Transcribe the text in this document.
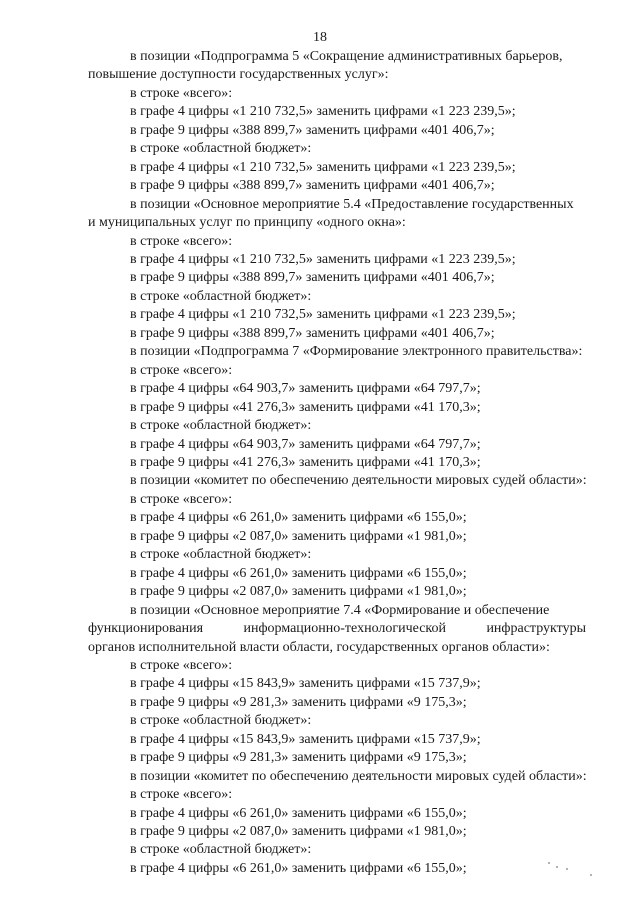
18
в позиции «Подпрограмма 5 «Сокращение административных барьеров,
повышение доступности государственных услуг»:
в строке «всего»:
в графе 4 цифры «1 210 732,5» заменить цифрами «1 223 239,5»;
в графе 9 цифры «388 899,7» заменить цифрами «401 406,7»;
в строке «областной бюджет»:
в графе 4 цифры «1 210 732,5» заменить цифрами «1 223 239,5»;
в графе 9 цифры «388 899,7» заменить цифрами «401 406,7»;
в позиции «Основное мероприятие 5.4 «Предоставление государственных
и муниципальных услуг по принципу «одного окна»:
в строке «всего»:
в графе 4 цифры «1 210 732,5» заменить цифрами «1 223 239,5»;
в графе 9 цифры «388 899,7» заменить цифрами «401 406,7»;
в строке «областной бюджет»:
в графе 4 цифры «1 210 732,5» заменить цифрами «1 223 239,5»;
в графе 9 цифры «388 899,7» заменить цифрами «401 406,7»;
в позиции «Подпрограмма 7 «Формирование электронного правительства»:
в строке «всего»:
в графе 4 цифры «64 903,7» заменить цифрами «64 797,7»;
в графе 9 цифры «41 276,3» заменить цифрами «41 170,3»;
в строке «областной бюджет»:
в графе 4 цифры «64 903,7» заменить цифрами «64 797,7»;
в графе 9 цифры «41 276,3» заменить цифрами «41 170,3»;
в позиции «комитет по обеспечению деятельности мировых судей области»:
в строке «всего»:
в графе 4 цифры «6 261,0» заменить цифрами «6 155,0»;
в графе 9 цифры «2 087,0» заменить цифрами «1 981,0»;
в строке «областной бюджет»:
в графе 4 цифры «6 261,0» заменить цифрами «6 155,0»;
в графе 9 цифры «2 087,0» заменить цифрами «1 981,0»;
в позиции «Основное мероприятие 7.4 «Формирование и обеспечение
функционирования	информационно-технологической	инфраструктуры
органов исполнительной власти области, государственных органов области»:
в строке «всего»:
в графе 4 цифры «15 843,9» заменить цифрами «15 737,9»;
в графе 9 цифры «9 281,3» заменить цифрами «9 175,3»;
в строке «областной бюджет»:
в графе 4 цифры «15 843,9» заменить цифрами «15 737,9»;
в графе 9 цифры «9 281,3» заменить цифрами «9 175,3»;
в позиции «комитет по обеспечению деятельности мировых судей области»:
в строке «всего»:
в графе 4 цифры «6 261,0» заменить цифрами «6 155,0»;
в графе 9 цифры «2 087,0» заменить цифрами «1 981,0»;
в строке «областной бюджет»:
в графе 4 цифры «6 261,0» заменить цифрами «6 155,0»;
